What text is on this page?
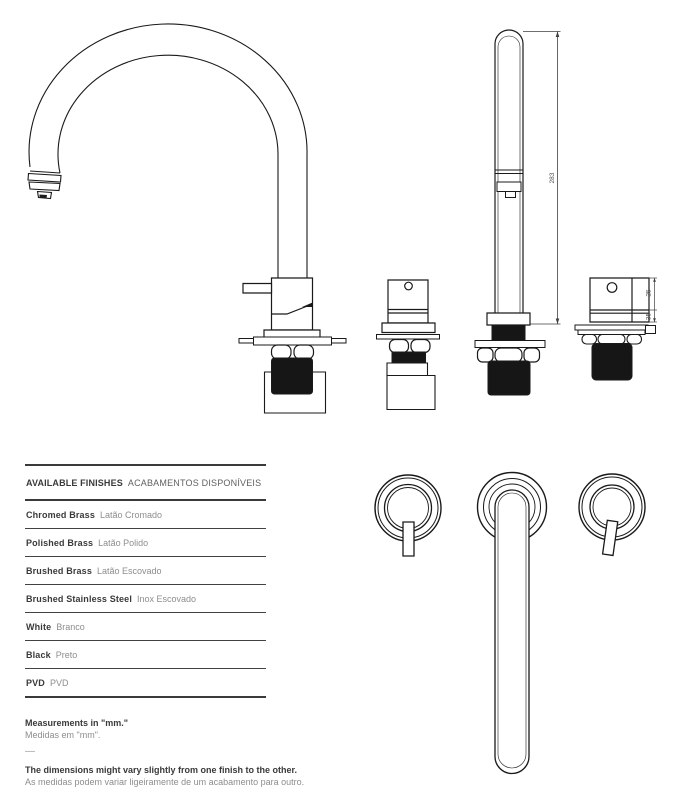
283
25
35
AVAILABLE FINISHES ACABAMENTOS DISPONÍVEIS
Chromed Brass Latão Cromado
Polished Brass Latão Polido
Brushed Brass Latão Escovado
Brushed Stainless Steel Inox Escovado
White Branco
Black Preto
PVD PVD
Measurements in "mm."
Medidas em "mm".
—
The dimensions might vary slightly from one finish to the other.
As medidas podem variar ligeiramente de um acabamento para outro.
